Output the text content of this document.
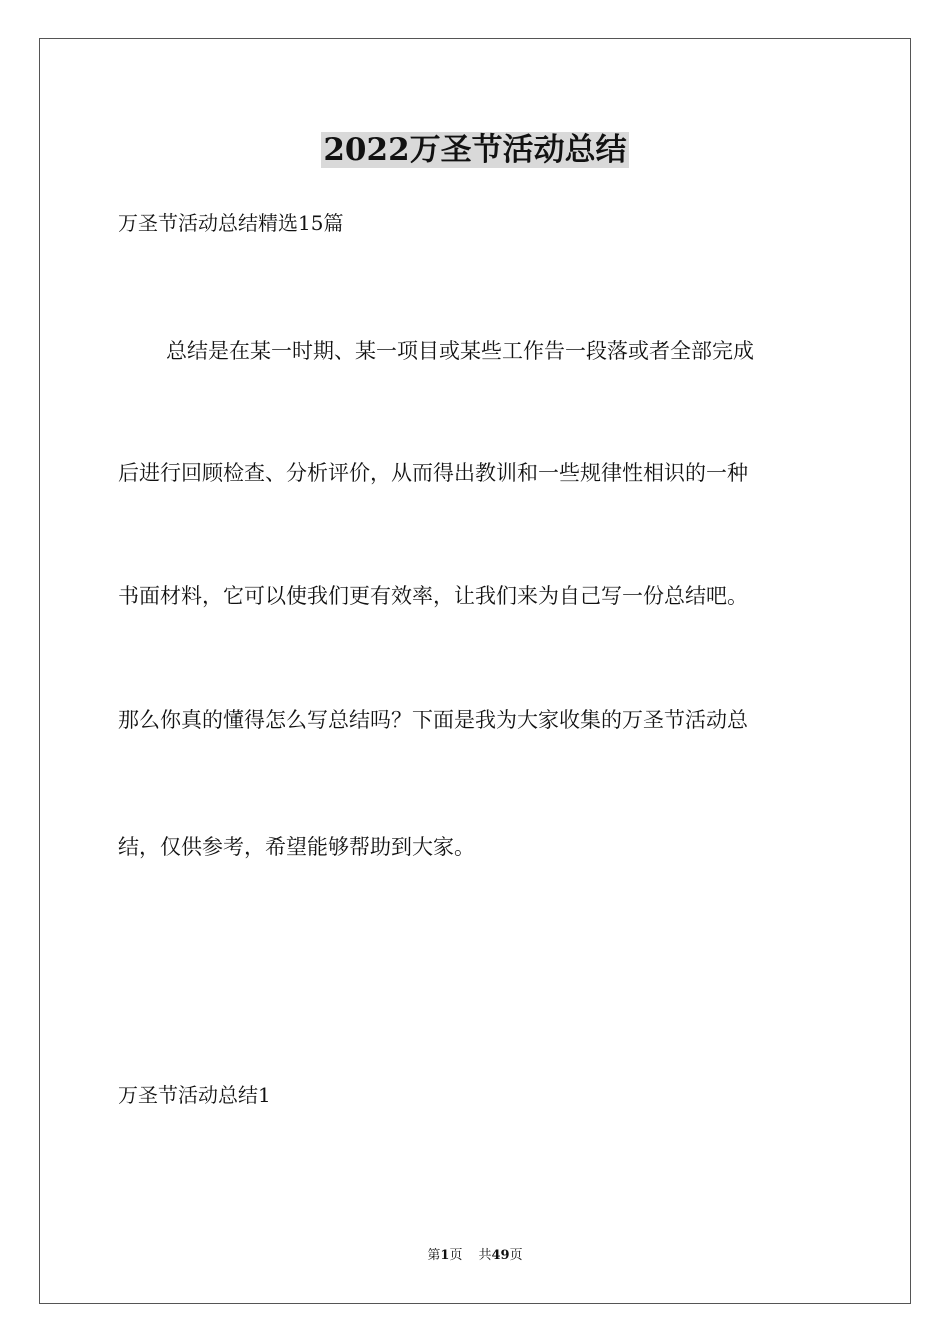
2022万圣节活动总结
万圣节活动总结精选15篇
总结是在某一时期、某一项目或某些工作告一段落或者全部完成
后进行回顾检查、分析评价，从而得出教训和一些规律性相识的一种
书面材料，它可以使我们更有效率，让我们来为自己写一份总结吧。
那么你真的懂得怎么写总结吗？下面是我为大家收集的万圣节活动总
结，仅供参考，希望能够帮助到大家。
万圣节活动总结1
第1页 共49页
